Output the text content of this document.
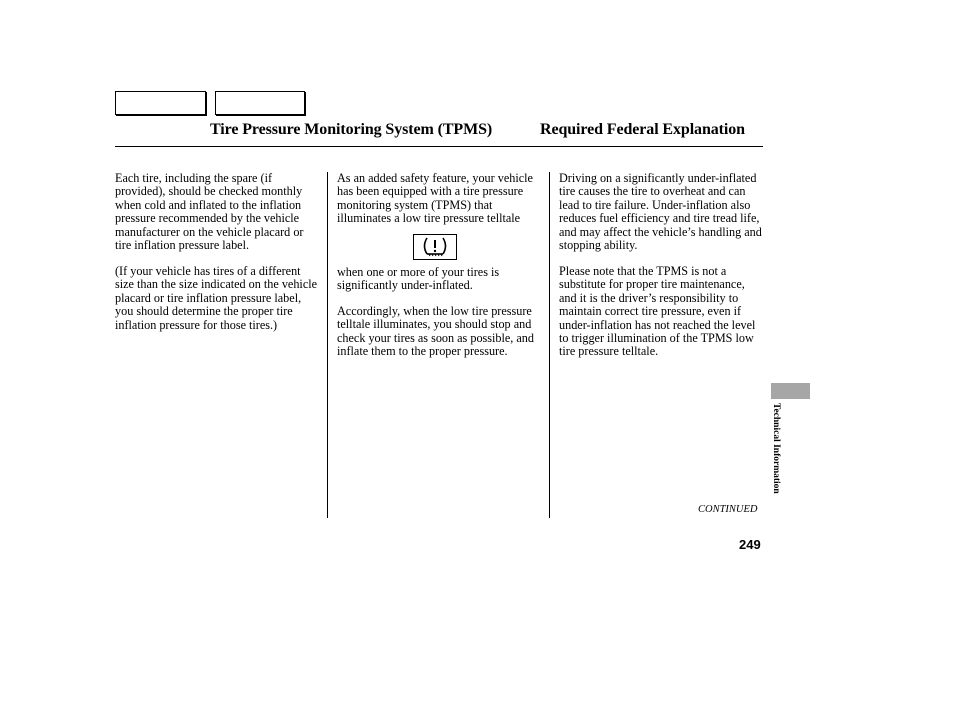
Tire Pressure Monitoring System (TPMS)	Required Federal Explanation

Each tire, including the spare (if provided), should be checked monthly when cold and inflated to the inflation pressure recommended by the vehicle manufacturer on the vehicle placard or tire inflation pressure label.

(If your vehicle has tires of a different size than the size indicated on the vehicle placard or tire inflation pressure label, you should determine the proper tire inflation pressure for those tires.)

As an added safety feature, your vehicle has been equipped with a tire pressure monitoring system (TPMS) that illuminates a low tire pressure telltale

when one or more of your tires is significantly under-inflated.

Accordingly, when the low tire pressure telltale illuminates, you should stop and check your tires as soon as possible, and inflate them to the proper pressure.

Driving on a significantly under-inflated tire causes the tire to overheat and can lead to tire failure. Under-inflation also reduces fuel efficiency and tire tread life, and may affect the vehicle’s handling and stopping ability.

Please note that the TPMS is not a substitute for proper tire maintenance, and it is the driver’s responsibility to maintain correct tire pressure, even if under-inflation has not reached the level to trigger illumination of the TPMS low tire pressure telltale.

Technical Information
CONTINUED
249
